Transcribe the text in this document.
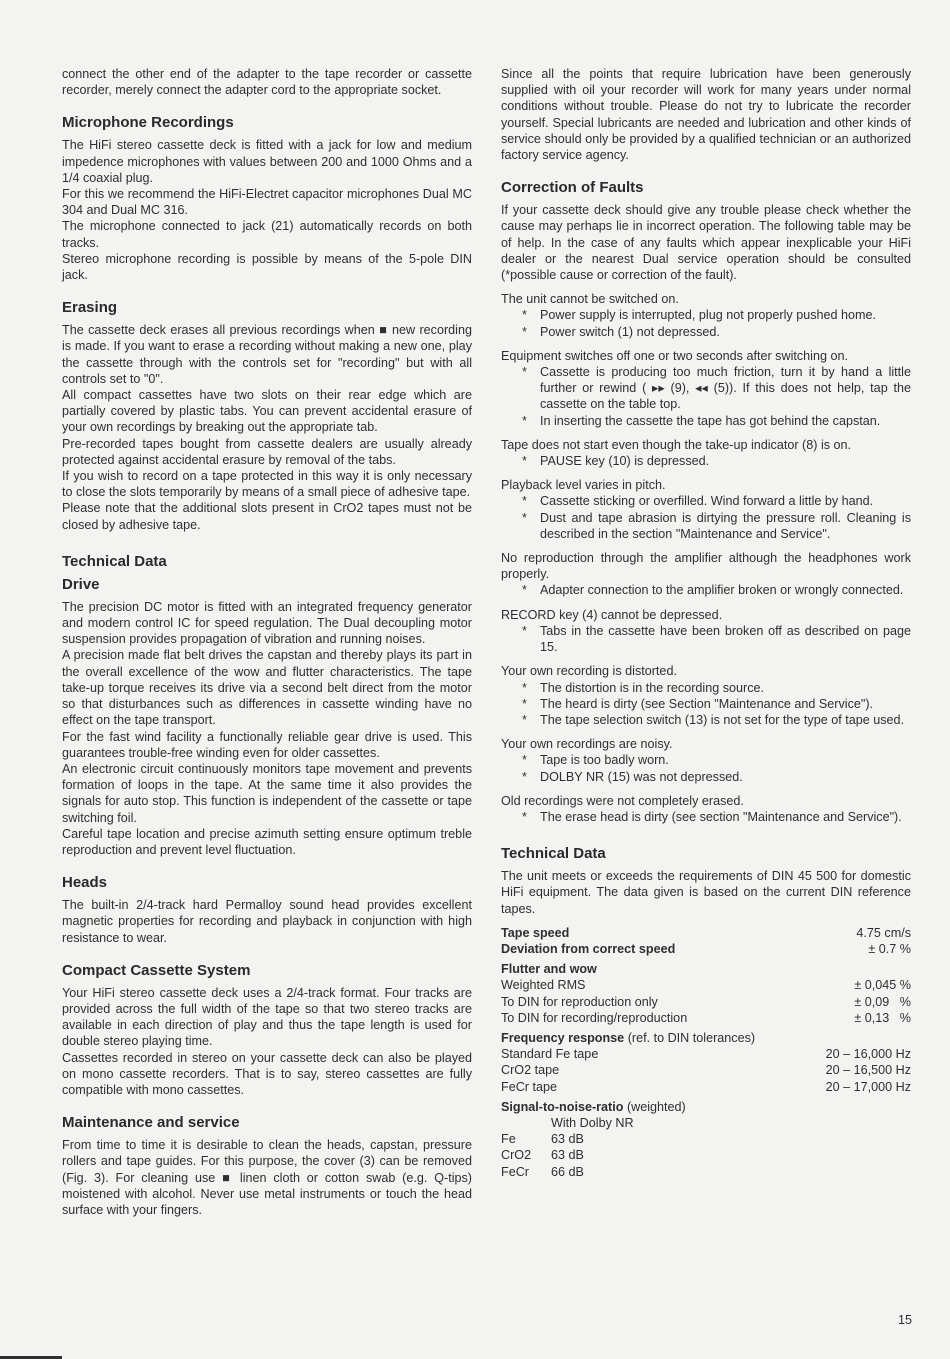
connect the other end of the adapter to the tape recorder or cassette recorder, merely connect the adapter cord to the appropriate socket.

Microphone Recordings

The HiFi stereo cassette deck is fitted with a jack for low and medium impedence microphones with values between 200 and 1000 Ohms and a 1/4 coaxial plug.

For this we recommend the HiFi-Electret capacitor microphones Dual MC 304 and Dual MC 316.

The microphone connected to jack (21) automatically records on both tracks.

Stereo microphone recording is possible by means of the 5-pole DIN jack.

Erasing

The cassette deck erases all previous recordings when ■ new recording is made. If you want to erase a recording without making a new one, play the cassette through with the controls set for "recording" but with all controls set to "0".

All compact cassettes have two slots on their rear edge which are partially covered by plastic tabs. You can prevent accidental erasure of your own recordings by breaking out the appropriate tab.

Pre-recorded tapes bought from cassette dealers are usually already protected against accidental erasure by removal of the tabs.

If you wish to record on a tape protected in this way it is only necessary to close the slots temporarily by means of a small piece of adhesive tape.

Please note that the additional slots present in CrO2 tapes must not be closed by adhesive tape.

Technical Data
Drive

The precision DC motor is fitted with an integrated frequency generator and modern control IC for speed regulation. The Dual decoupling motor suspension provides propagation of vibration and running noises.

A precision made flat belt drives the capstan and thereby plays its part in the overall excellence of the wow and flutter characteristics. The tape take-up torque receives its drive via a second belt direct from the motor so that disturbances such as differences in cassette winding have no effect on the tape transport.

For the fast wind facility a functionally reliable gear drive is used. This guarantees trouble-free winding even for older cassettes.

An electronic circuit continuously monitors tape movement and prevents formation of loops in the tape. At the same time it also provides the signals for auto stop. This function is independent of the cassette or tape switching foil.

Careful tape location and precise azimuth setting ensure optimum treble reproduction and prevent level fluctuation.

Heads

The built-in 2/4-track hard Permalloy sound head provides excellent magnetic properties for recording and playback in conjunction with high resistance to wear.

Compact Cassette System

Your HiFi stereo cassette deck uses a 2/4-track format. Four tracks are provided across the full width of the tape so that two stereo tracks are available in each direction of play and thus the tape length is used for double stereo playing time.

Cassettes recorded in stereo on your cassette deck can also be played on mono cassette recorders. That is to say, stereo cassettes are fully compatible with mono cassettes.

Maintenance and service

From time to time it is desirable to clean the heads, capstan, pressure rollers and tape guides. For this purpose, the cover (3) can be removed (Fig. 3). For cleaning use ■ linen cloth or cotton swab (e.g. Q-tips) moistened with alcohol. Never use metal instruments or touch the head surface with your fingers.

Since all the points that require lubrication have been generously supplied with oil your recorder will work for many years under normal conditions without trouble. Please do not try to lubricate the recorder yourself. Special lubricants are needed and lubrication and other kinds of service should only be provided by a qualified technician or an authorized factory service agency.

Correction of Faults

If your cassette deck should give any trouble please check whether the cause may perhaps lie in incorrect operation. The following table may be of help. In the case of any faults which appear inexplicable your HiFi dealer or the nearest Dual service operation should be consulted (*possible cause or correction of the fault).

The unit cannot be switched on.

* Power supply is interrupted, plug not properly pushed home.
* Power switch (1) not depressed.

Equipment switches off one or two seconds after switching on.

* Cassette is producing too much friction, turn it by hand a little further or rewind ( ▸▸ (9), ◂◂ (5)). If this does not help, tap the cassette on the table top.
* In inserting the cassette the tape has got behind the capstan.

Tape does not start even though the take-up indicator (8) is on.

* PAUSE key (10) is depressed.

Playback level varies in pitch.

* Cassette sticking or overfilled. Wind forward a little by hand.
* Dust and tape abrasion is dirtying the pressure roll. Cleaning is described in the section "Maintenance and Service".

No reproduction through the amplifier although the headphones work properly.

* Adapter connection to the amplifier broken or wrongly connected.

RECORD key (4) cannot be depressed.

* Tabs in the cassette have been broken off as described on page 15.

Your own recording is distorted.

* The distortion is in the recording source.
* The heard is dirty (see Section "Maintenance and Service").
* The tape selection switch (13) is not set for the type of tape used.

Your own recordings are noisy.

* Tape is too badly worn.
* DOLBY NR (15) was not depressed.

Old recordings were not completely erased.

* The erase head is dirty (see section "Maintenance and Service").
Technical Data

The unit meets or exceeds the requirements of DIN 45 500 for domestic HiFi equipment. The data given is based on the current DIN reference tapes.

Tape speed	4.75 cm/s
Deviation from correct speed	± 0.7 %
Flutter and wow
Weighted RMS	± 0,045 %
To DIN for reproduction only	± 0,09   %
To DIN for recording/reproduction	± 0,13   %
Frequency response (ref. to DIN tolerances)
Standard Fe tape	20 – 16,000 Hz
CrO2 tape	20 – 16,500 Hz
FeCr tape	20 – 17,000 Hz
Signal-to-noise-ratio (weighted)
With Dolby NR
Fe	63 dB
CrO2	63 dB
FeCr	66 dB
15
